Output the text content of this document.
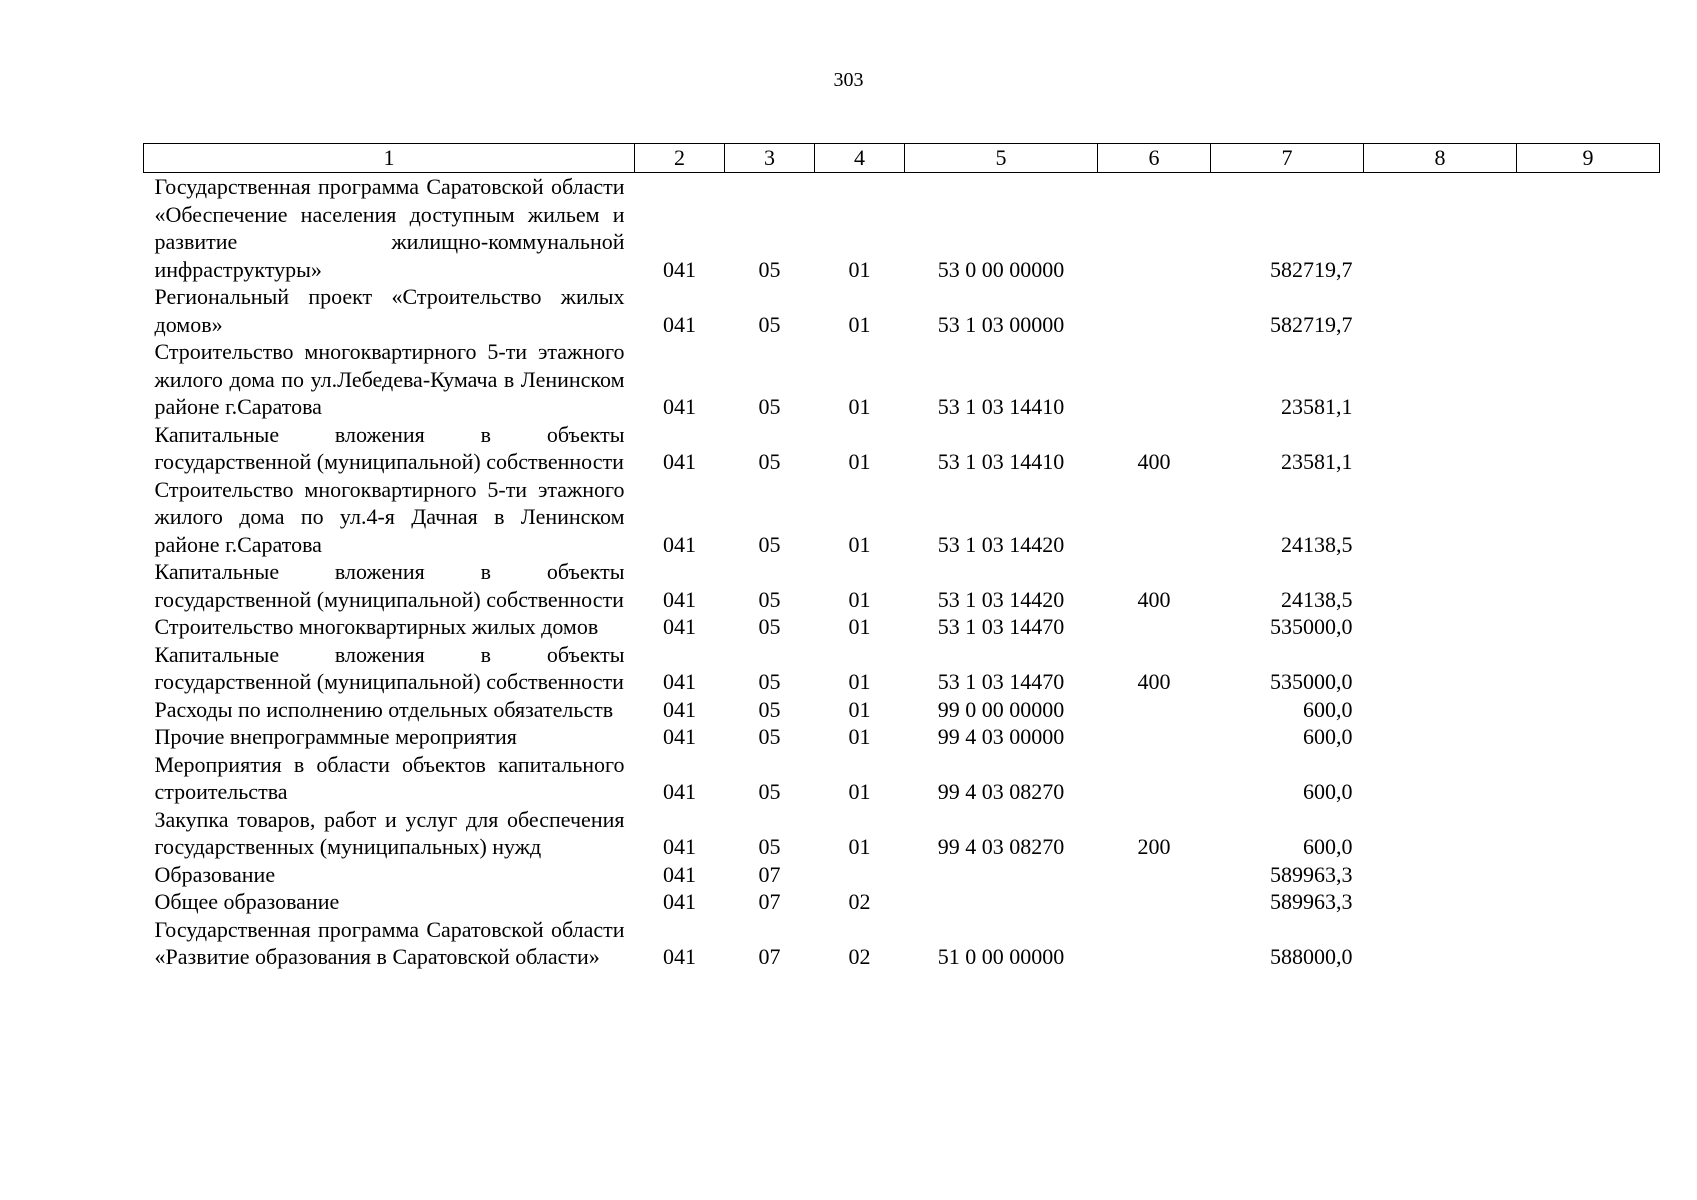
303
1	2	3	4	5	6	7	8	9
Государственная программа Саратовской области «Обеспечение населения доступным жильем и развитие жилищно-коммунальной инфраструктуры»	041	05	01	53 0 00 00000		582719,7		
Региональный проект «Строительство жилых домов»	041	05	01	53 1 03 00000		582719,7		
Строительство многоквартирного 5-ти этажного жилого дома по ул.Лебедева-Кумача в Ленинском районе г.Саратова	041	05	01	53 1 03 14410		23581,1		
Капитальные вложения в объекты государственной (муниципальной) собственности	041	05	01	53 1 03 14410	400	23581,1		
Строительство многоквартирного 5-ти этажного жилого дома по ул.4-я Дачная в Ленинском районе г.Саратова	041	05	01	53 1 03 14420		24138,5		
Капитальные вложения в объекты государственной (муниципальной) собственности	041	05	01	53 1 03 14420	400	24138,5		
Строительство многоквартирных жилых домов	041	05	01	53 1 03 14470		535000,0		
Капитальные вложения в объекты государственной (муниципальной) собственности	041	05	01	53 1 03 14470	400	535000,0		
Расходы по исполнению отдельных обязательств	041	05	01	99 0 00 00000		600,0		
Прочие внепрограммные мероприятия	041	05	01	99 4 03 00000		600,0		
Мероприятия в области объектов капитального строительства	041	05	01	99 4 03 08270		600,0		
Закупка товаров, работ и услуг для обеспечения государственных (муниципальных) нужд	041	05	01	99 4 03 08270	200	600,0		
Образование	041	07				589963,3		
Общее образование	041	07	02			589963,3		
Государственная программа Саратовской области «Развитие образования в Саратовской области»	041	07	02	51 0 00 00000		588000,0		
